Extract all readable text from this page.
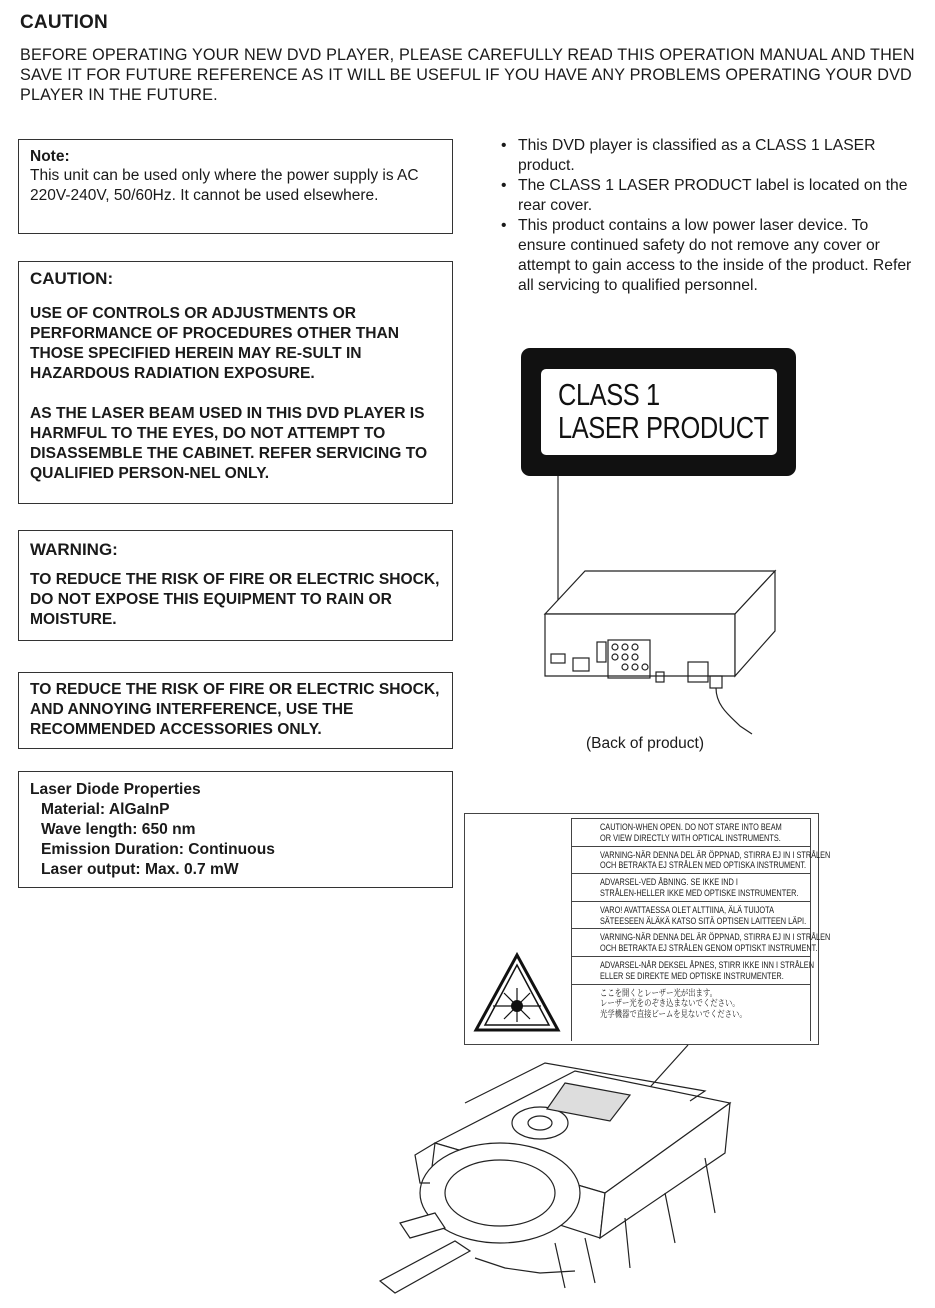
CAUTION
BEFORE OPERATING YOUR NEW DVD PLAYER, PLEASE CAREFULLY READ THIS OPERATION MANUAL AND THEN SAVE IT FOR FUTURE REFERENCE AS IT WILL BE USEFUL IF YOU HAVE ANY PROBLEMS OPERATING YOUR DVD PLAYER IN THE FUTURE.
Note:
This unit can be used only where the power supply is AC 220V-240V, 50/60Hz. It cannot be used elsewhere.
CAUTION:

USE OF CONTROLS OR ADJUSTMENTS OR PERFORMANCE OF PROCEDURES OTHER THAN THOSE SPECIFIED HEREIN MAY RE-SULT IN HAZARDOUS RADIATION EXPOSURE.

AS THE LASER BEAM USED IN THIS DVD PLAYER IS HARMFUL TO THE EYES, DO NOT ATTEMPT TO DISASSEMBLE THE CABINET. REFER SERVICING TO QUALIFIED PERSON-NEL ONLY.

WARNING:

TO REDUCE THE RISK OF FIRE OR ELECTRIC SHOCK, DO NOT EXPOSE THIS EQUIPMENT TO RAIN OR MOISTURE.

TO REDUCE THE RISK OF FIRE OR ELECTRIC SHOCK, AND ANNOYING INTERFERENCE, USE THE RECOMMENDED ACCESSORIES ONLY.

Laser Diode Properties
Material: AlGaInP
Wave length: 650 nm
Emission Duration: Continuous
Laser output: Max. 0.7 mW
• This DVD player is classified as a CLASS 1 LASER product.
• The CLASS 1 LASER PRODUCT label is located on the rear cover.
• This product contains a low power laser device. To ensure continued safety do not remove any cover or attempt to gain access to the inside of the product. Refer all servicing to qualified personnel.
CLASS 1
LASER PRODUCT
(Back of product)
CAUTION-WHEN OPEN. DO NOT STARE INTO BEAM
OR VIEW DIRECTLY WITH OPTICAL INSTRUMENTS.
VARNING-NÄR DENNA DEL ÄR ÖPPNAD, STIRRA EJ IN I STRÅLEN
OCH BETRAKTA EJ STRÅLEN MED OPTISKA INSTRUMENT.
ADVARSEL-VED ÅBNING. SE IKKE IND I
STRÅLEN-HELLER IKKE MED OPTISKE INSTRUMENTER.
VARO! AVATTAESSA OLET ALTTIINA, ÄLÄ TUIJOTA
SÄTEESEEN ÄLÄKÄ KATSO SITÄ OPTISEN LAITTEEN LÄPI.
VARNING-NÄR DENNA DEL ÄR ÖPPNAD, STIRRA EJ IN I STRÅLEN
OCH BETRAKTA EJ STRÅLEN GENOM OPTISKT INSTRUMENT.
ADVARSEL-NÅR DEKSEL ÅPNES, STIRR IKKE INN I STRÅLEN
ELLER SE DIREKTE MED OPTISKE INSTRUMENTER.
ここを開くとレーザー光が出ます。
レーザー光をのぞき込まないでください。
光学機器で直接ビームを見ないでください。
